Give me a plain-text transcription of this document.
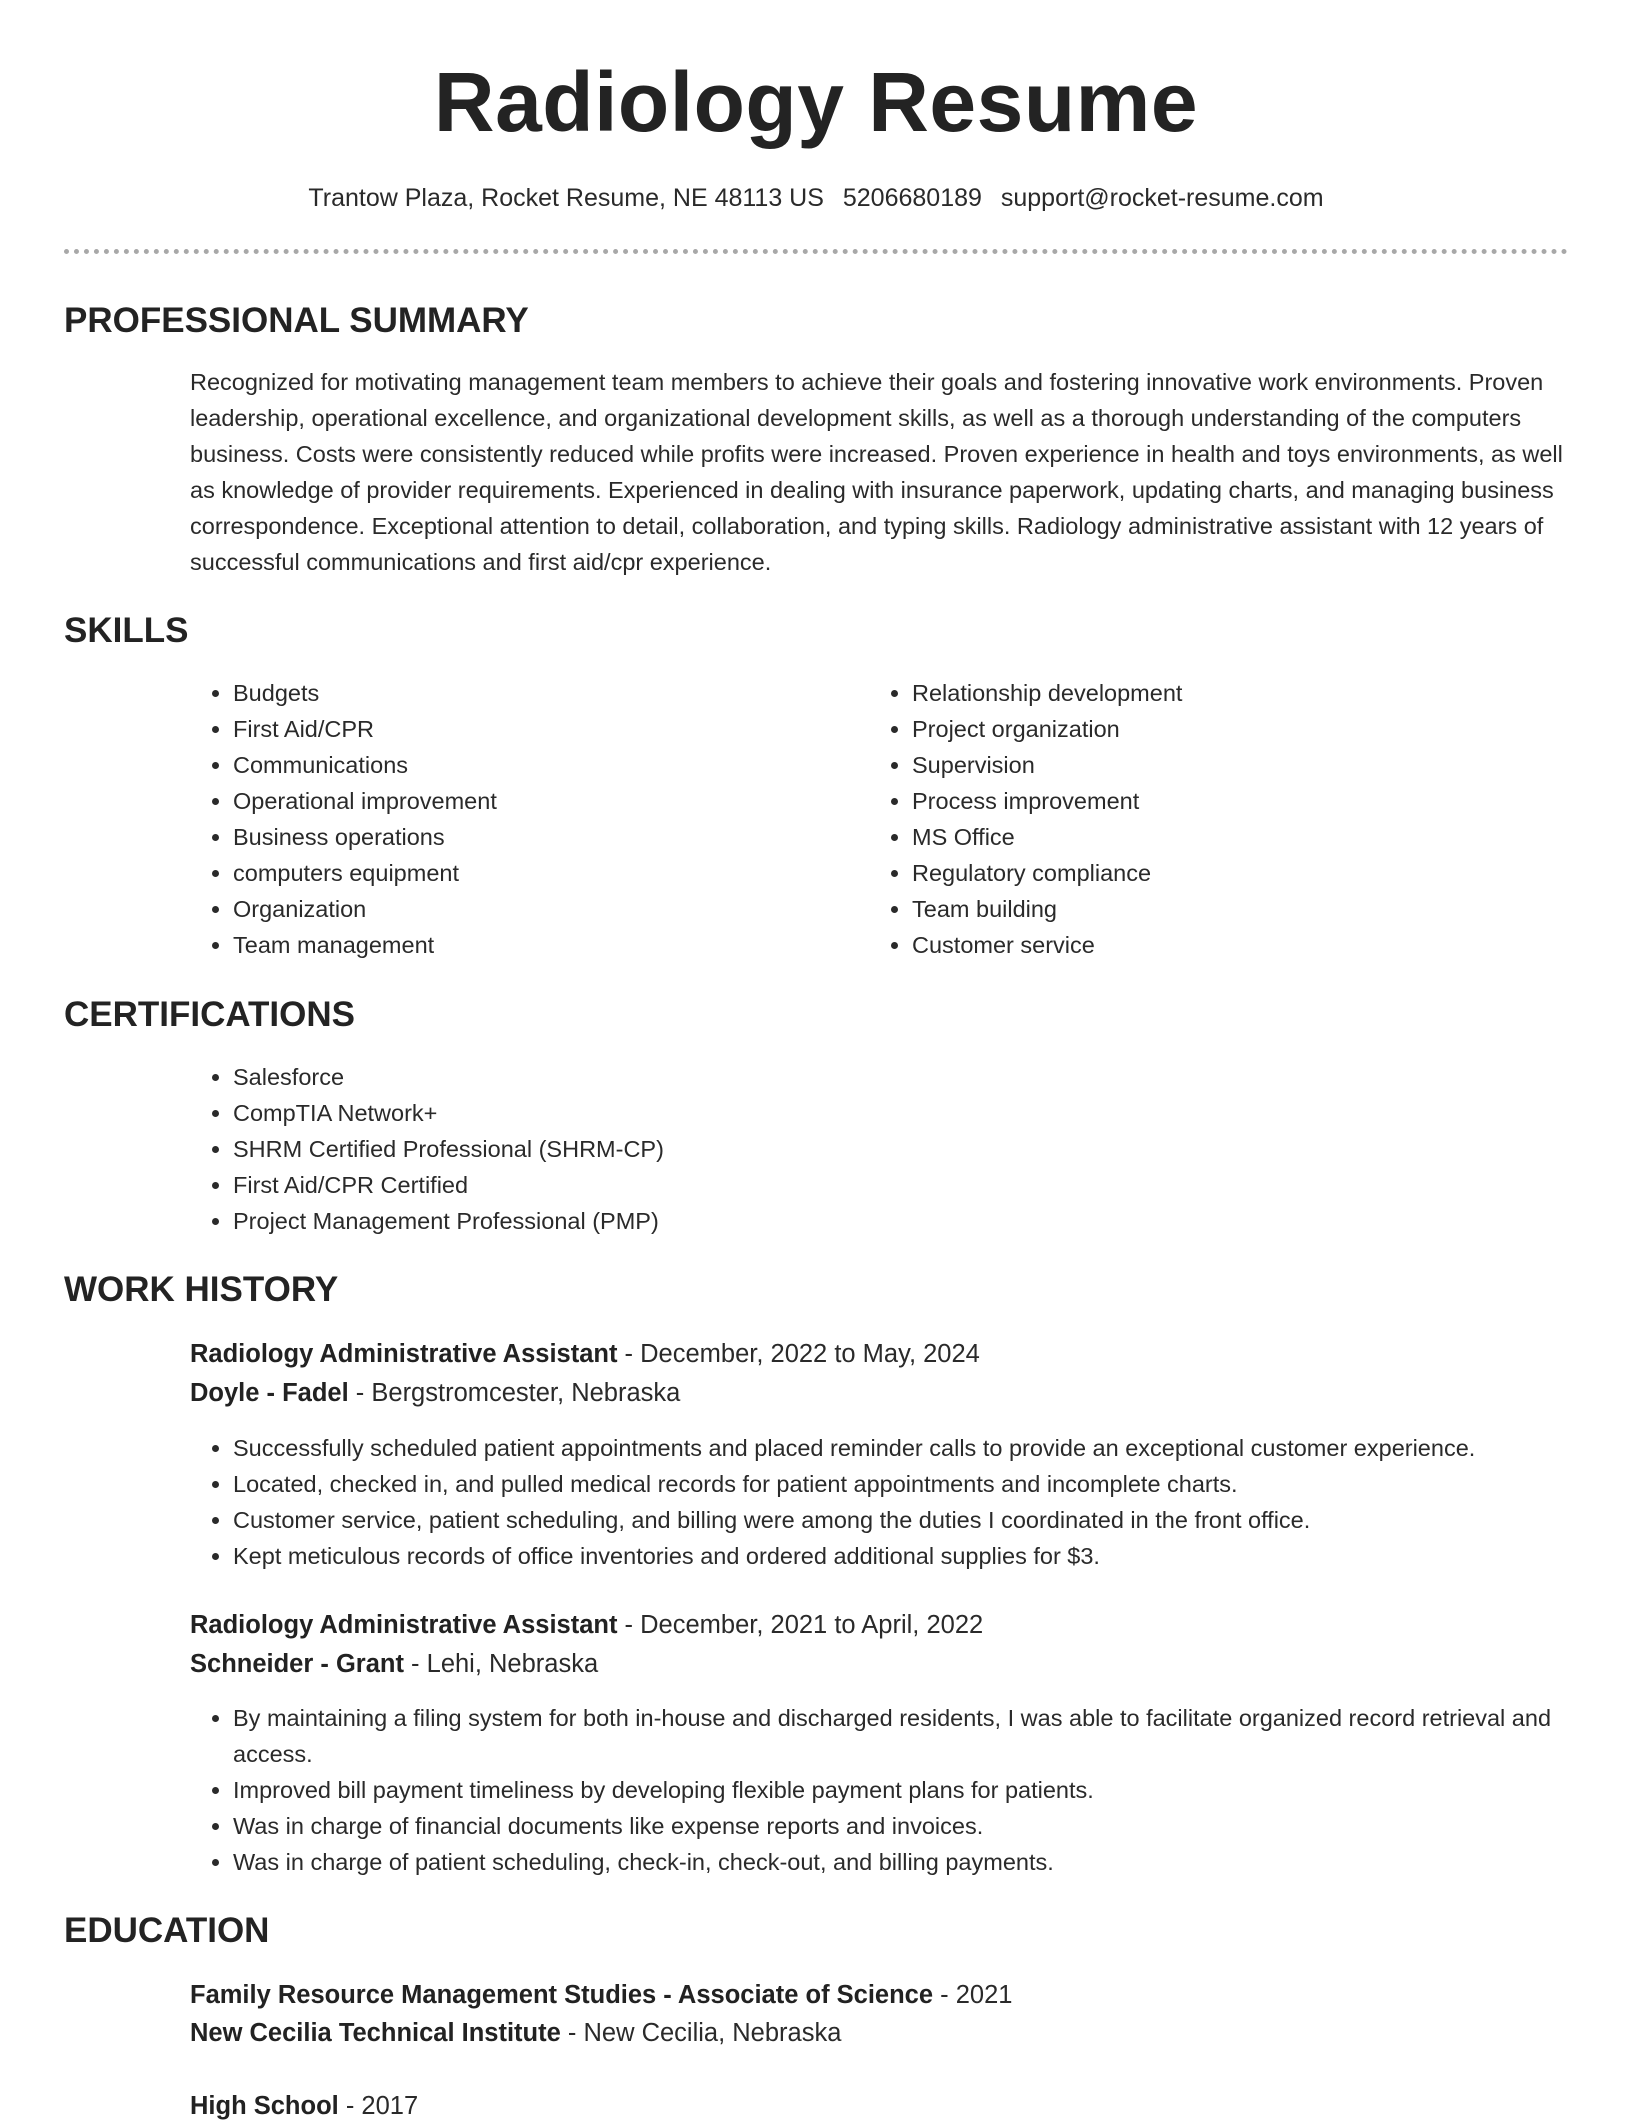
Radiology Resume
Trantow Plaza, Rocket Resume, NE 48113 US 5206680189 support@rocket-resume.com
PROFESSIONAL SUMMARY

Recognized for motivating management team members to achieve their goals and fostering innovative work environments. Proven leadership, operational excellence, and organizational development skills, as well as a thorough understanding of the computers business. Costs were consistently reduced while profits were increased. Proven experience in health and toys environments, as well as knowledge of provider requirements. Experienced in dealing with insurance paperwork, updating charts, and managing business correspondence. Exceptional attention to detail, collaboration, and typing skills. Radiology administrative assistant with 12 years of successful communications and first aid/cpr experience.

SKILLS
• Budgets
• First Aid/CPR
• Communications
• Operational improvement
• Business operations
• computers equipment
• Organization
• Team management
• Relationship development
• Project organization
• Supervision
• Process improvement
• MS Office
• Regulatory compliance
• Team building
• Customer service
CERTIFICATIONS
• Salesforce
• CompTIA Network+
• SHRM Certified Professional (SHRM-CP)
• First Aid/CPR Certified
• Project Management Professional (PMP)
WORK HISTORY
Radiology Administrative Assistant - December, 2022 to May, 2024
Doyle - Fadel - Bergstromcester, Nebraska
• Successfully scheduled patient appointments and placed reminder calls to provide an exceptional customer experience.
• Located, checked in, and pulled medical records for patient appointments and incomplete charts.
• Customer service, patient scheduling, and billing were among the duties I coordinated in the front office.
• Kept meticulous records of office inventories and ordered additional supplies for $3.
Radiology Administrative Assistant - December, 2021 to April, 2022
Schneider - Grant - Lehi, Nebraska
• By maintaining a filing system for both in-house and discharged residents, I was able to facilitate organized record retrieval and access.
• Improved bill payment timeliness by developing flexible payment plans for patients.
• Was in charge of financial documents like expense reports and invoices.
• Was in charge of patient scheduling, check-in, check-out, and billing payments.
EDUCATION
Family Resource Management Studies - Associate of Science - 2021
New Cecilia Technical Institute - New Cecilia, Nebraska
High School - 2017
